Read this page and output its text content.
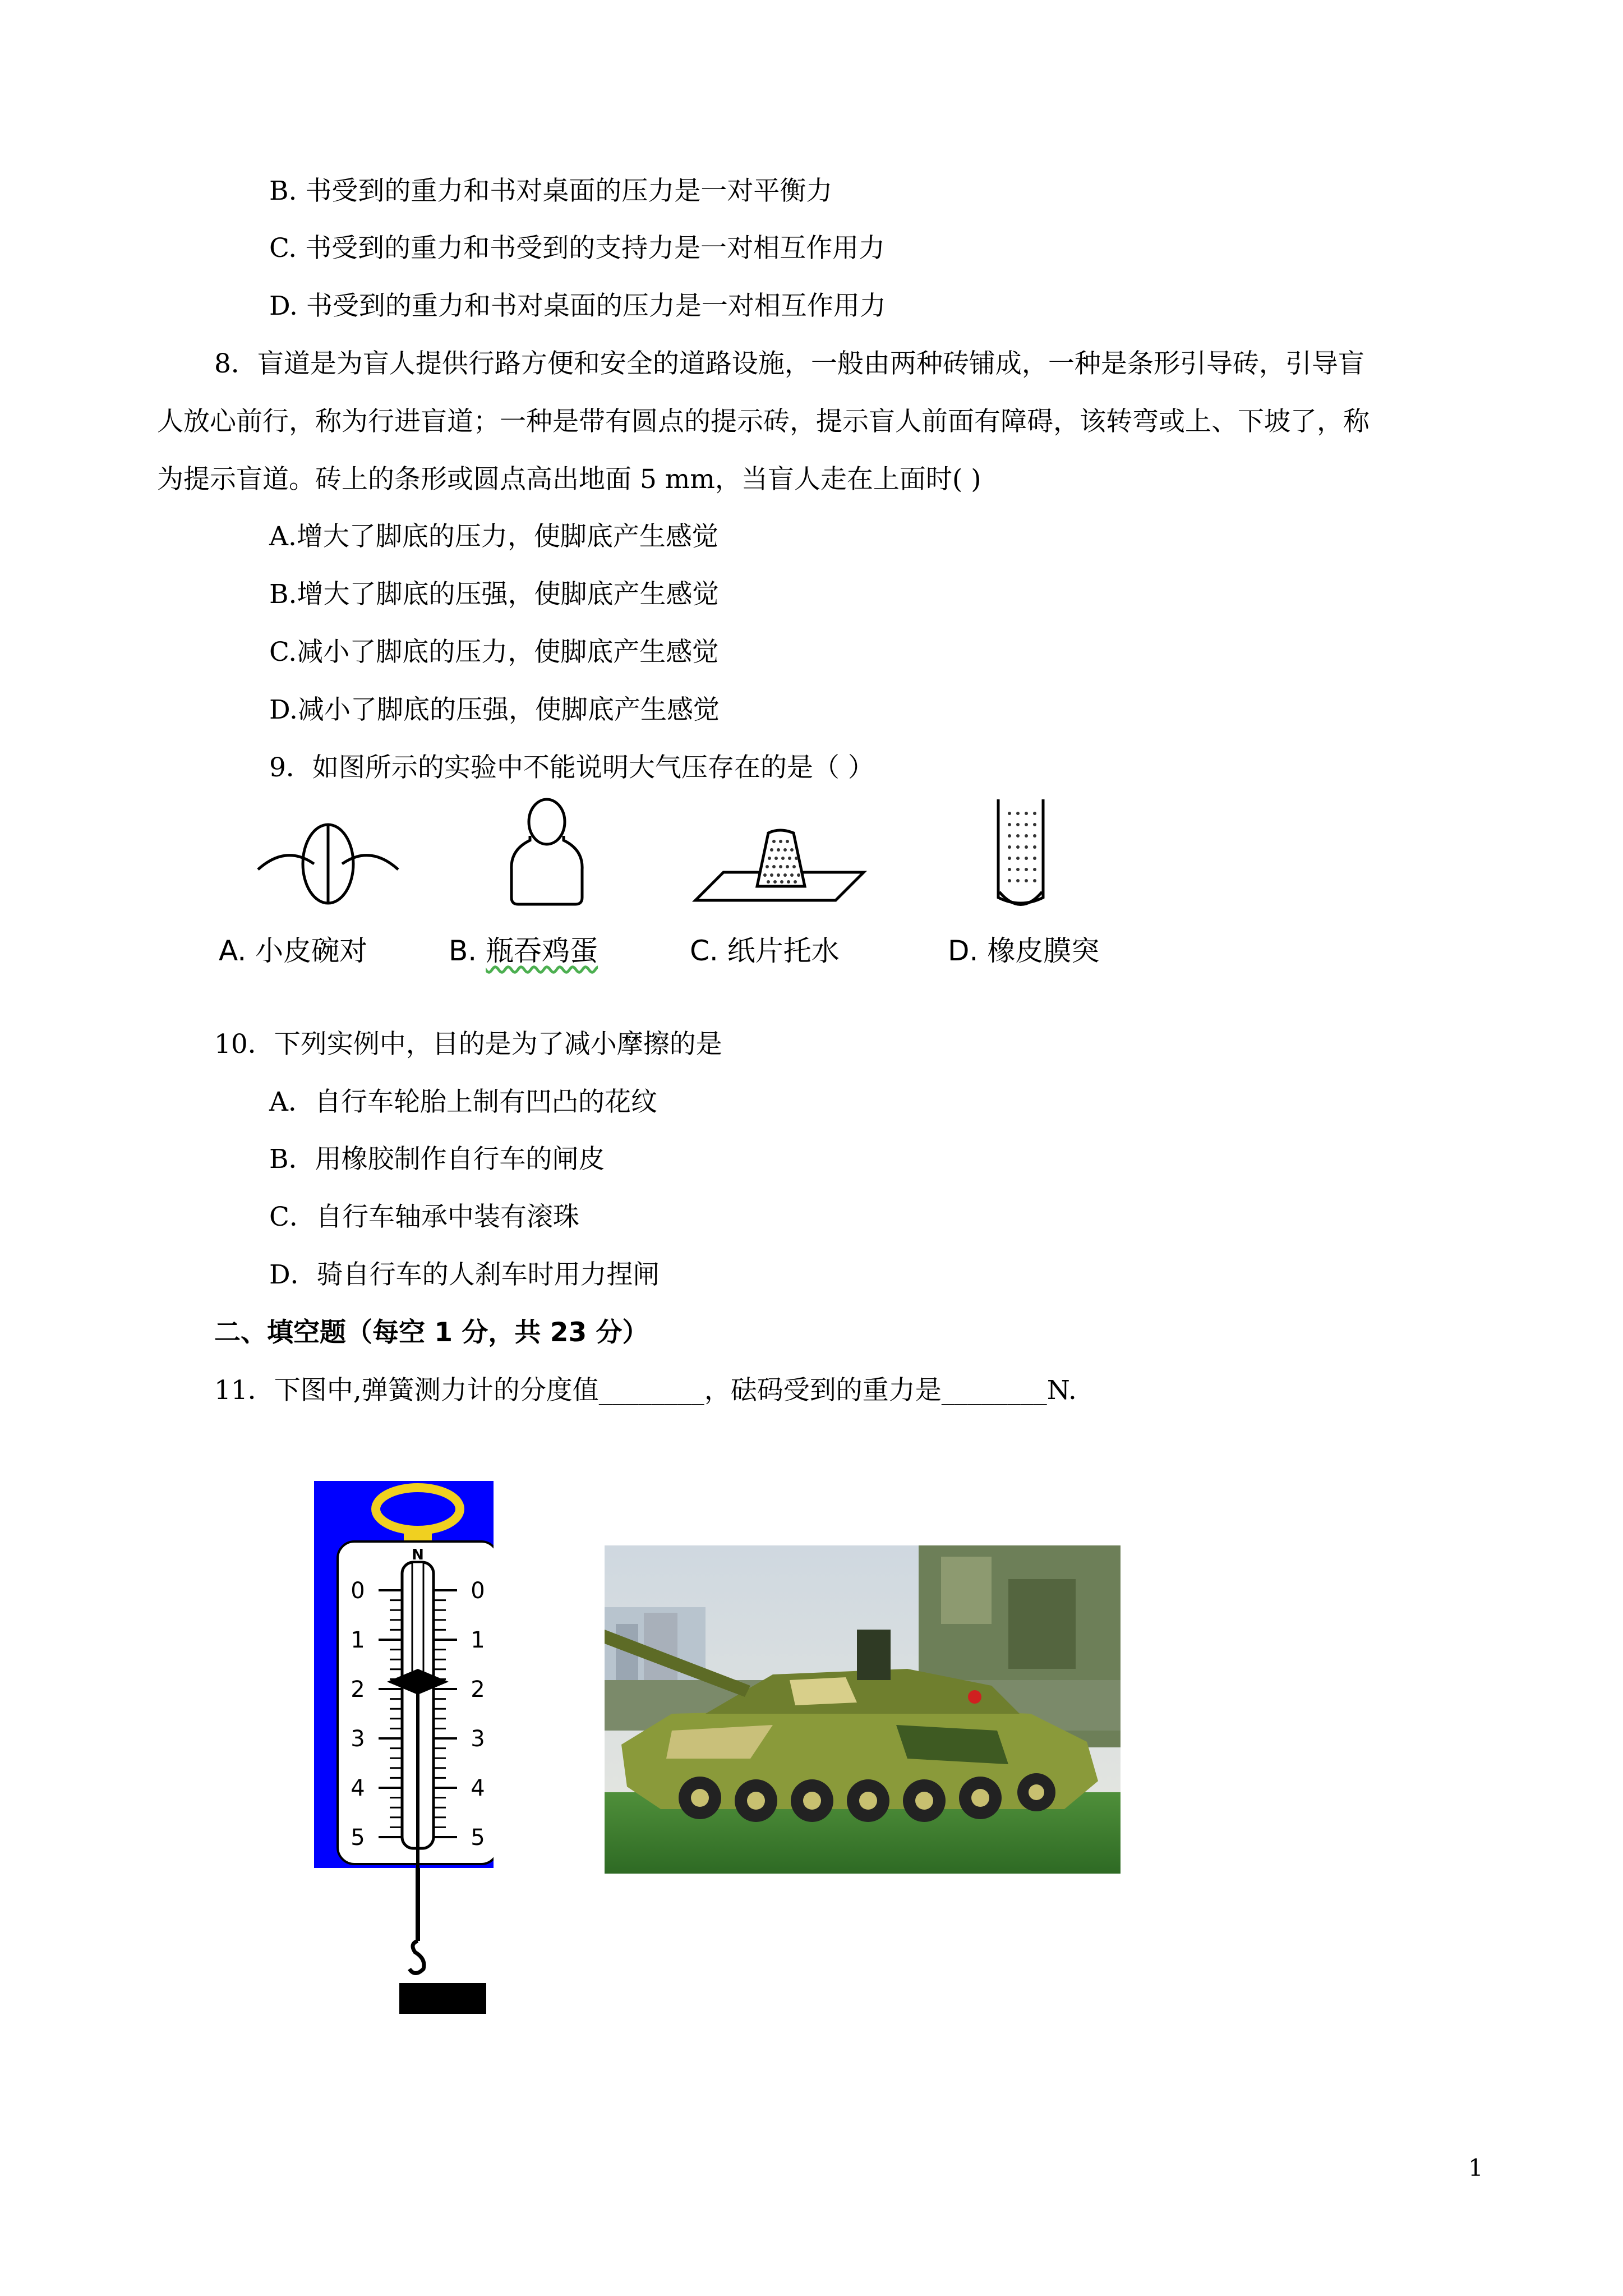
B. 书受到的重力和书对桌面的压力是一对平衡力
C. 书受到的重力和书受到的支持力是一对相互作用力
D. 书受到的重力和书对桌面的压力是一对相互作用力
8．盲道是为盲人提供行路方便和安全的道路设施，一般由两种砖铺成，一种是条形引导砖，引导盲
人放心前行，称为行进盲道；一种是带有圆点的提示砖，提示盲人前面有障碍，该转弯或上、下坡了，称
为提示盲道。砖上的条形或圆点高出地面 5 mm，当盲人走在上面时( )
A.增大了脚底的压力，使脚底产生感觉
B.增大了脚底的压强，使脚底产生感觉
C.减小了脚底的压力，使脚底产生感觉
D.减小了脚底的压强，使脚底产生感觉
9．如图所示的实验中不能说明大气压存在的是（ ）
A. 小皮碗对	B. 瓶吞鸡蛋	C. 纸片托水	D. 橡皮膜突
10．下列实例中，目的是为了减小摩擦的是
A．自行车轮胎上制有凹凸的花纹
B．用橡胶制作自行车的闸皮
C．自行车轴承中装有滚珠
D．骑自行车的人刹车时用力捏闸
二、填空题（每空 1 分，共 23 分）
11．下图中,弹簧测力计的分度值________，砝码受到的重力是________N.
0	0
1	1
2	2
3	3
4	4
5	5
N
1
